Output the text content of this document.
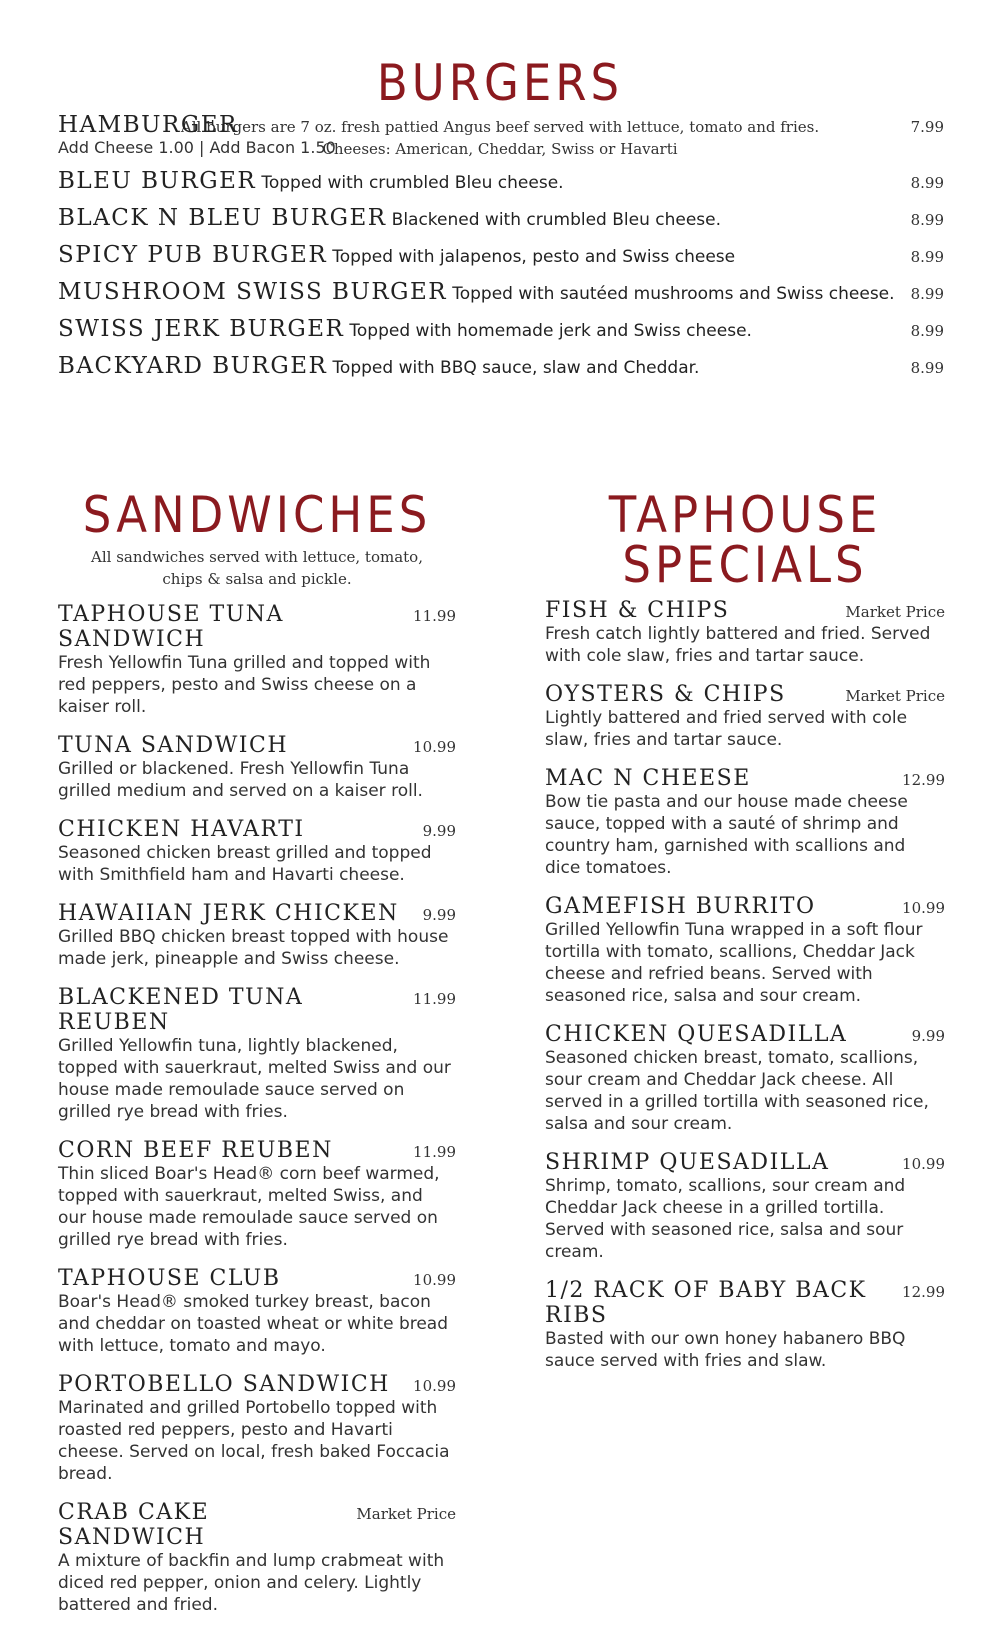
BURGERS
All burgers are 7 oz. fresh pattied Angus beef served with lettuce, tomato and fries.
Cheeses: American, Cheddar, Swiss or Havarti
HAMBURGER	7.99
Add Cheese 1.00 | Add Bacon 1.50
BLEU BURGER Topped with crumbled Bleu cheese.	8.99
BLACK N BLEU BURGER Blackened with crumbled Bleu cheese.	8.99
SPICY PUB BURGER Topped with jalapenos, pesto and Swiss cheese	8.99
MUSHROOM SWISS BURGER Topped with sautéed mushrooms and Swiss cheese. 8.99
SWISS JERK BURGER Topped with homemade jerk and Swiss cheese.	8.99
BACKYARD BURGER Topped with BBQ sauce, slaw and Cheddar.	8.99
SANDWICHES
All sandwiches served with lettuce, tomato, chips & salsa and pickle.
TAPHOUSE TUNA SANDWICH
11.99
Fresh Yellowfin Tuna grilled and topped with red peppers, pesto and Swiss cheese on a kaiser roll.
TUNA SANDWICH	10.99
Grilled or blackened. Fresh Yellowfin Tuna grilled medium and served on a kaiser roll.
CHICKEN HAVARTI	9.99
Seasoned chicken breast grilled and topped with Smithfield ham and Havarti cheese.
HAWAIIAN JERK CHICKEN 9.99
Grilled BBQ chicken breast topped with house made jerk, pineapple and Swiss cheese.
BLACKENED TUNA REUBEN
11.99
Grilled Yellowfin tuna, lightly blackened, topped with sauerkraut, melted Swiss and our house made remoulade sauce served on grilled rye bread with fries.
CORN BEEF REUBEN	11.99
Thin sliced Boar's Head® corn beef warmed, topped with sauerkraut, melted Swiss, and our house made remoulade sauce served on grilled rye bread with fries.
TAPHOUSE CLUB	10.99
Boar's Head® smoked turkey breast, bacon and cheddar on toasted wheat or white bread with lettuce, tomato and mayo.
PORTOBELLO SANDWICH 10.99
Marinated and grilled Portobello topped with roasted red peppers, pesto and Havarti cheese. Served on local, fresh baked Foccacia bread.
CRAB CAKE SANDWICH
Market Price
A mixture of backfin and lump crabmeat with diced red pepper, onion and celery. Lightly battered and fried.
TAPHOUSE SPECIALS
FISH & CHIPS	Market Price
Fresh catch lightly battered and fried. Served with cole slaw, fries and tartar sauce.
OYSTERS & CHIPS	Market Price
Lightly battered and fried served with cole slaw, fries and tartar sauce.
MAC N CHEESE	12.99
Bow tie pasta and our house made cheese sauce, topped with a sauté of shrimp and country ham, garnished with scallions and dice tomatoes.
GAMEFISH BURRITO	10.99
Grilled Yellowfin Tuna wrapped in a soft flour tortilla with tomato, scallions, Cheddar Jack cheese and refried beans. Served with seasoned rice, salsa and sour cream.
CHICKEN QUESADILLA	9.99
Seasoned chicken breast, tomato, scallions, sour cream and Cheddar Jack cheese. All served in a grilled tortilla with seasoned rice, salsa and sour cream.
SHRIMP QUESADILLA	10.99
Shrimp, tomato, scallions, sour cream and Cheddar Jack cheese in a grilled tortilla. Served with seasoned rice, salsa and sour cream.
1/2 RACK OF BABY BACK RIBS
12.99
Basted with our own honey habanero BBQ sauce served with fries and slaw.
